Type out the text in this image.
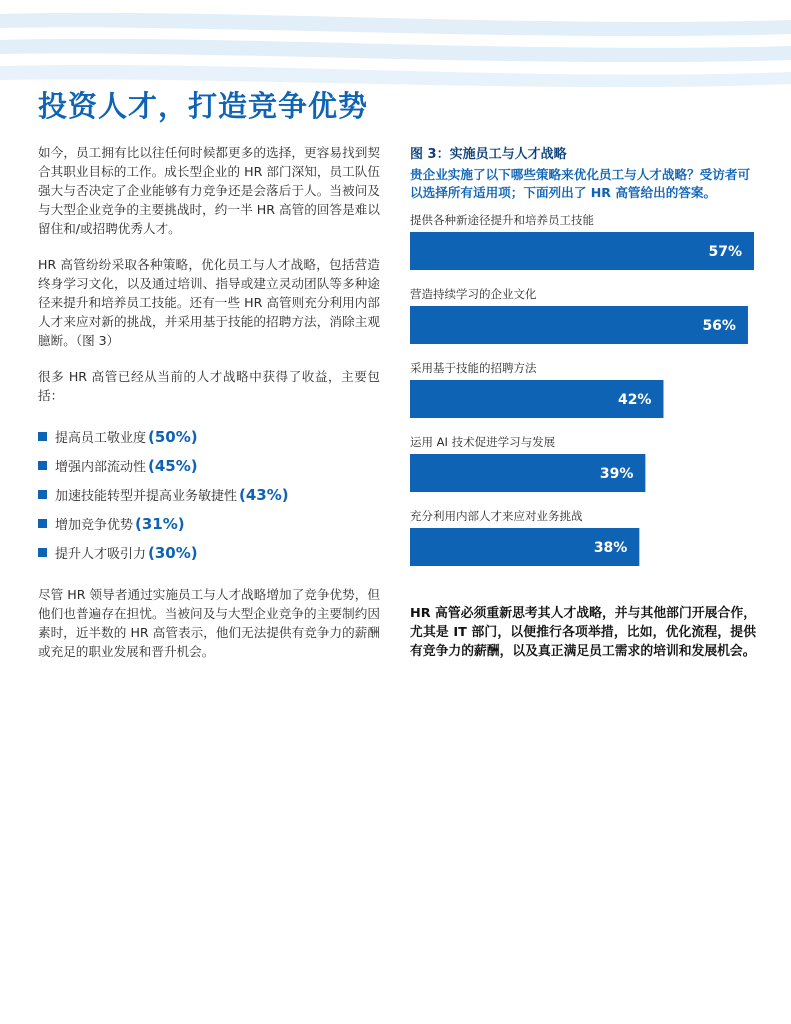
投资人才，打造竞争优势

如今，员工拥有比以往任何时候都更多的选择，更容易找到契合其职业目标的工作。成长型企业的 HR 部门深知，员工队伍强大与否决定了企业能够有力竞争还是会落后于人。当被问及与大型企业竞争的主要挑战时，约一半 HR 高管的回答是难以留住和/或招聘优秀人才。

HR 高管纷纷采取各种策略，优化员工与人才战略，包括营造终身学习文化，以及通过培训、指导或建立灵动团队等多种途径来提升和培养员工技能。还有一些 HR 高管则充分利用内部人才来应对新的挑战，并采用基于技能的招聘方法，消除主观臆断。（图 3）

很多 HR 高管已经从当前的人才战略中获得了收益，主要包括：

提高员工敬业度 (50%)
增强内部流动性 (45%)
加速技能转型并提高业务敏捷性 (43%)
增加竞争优势 (31%)
提升人才吸引力 (30%)

尽管 HR 领导者通过实施员工与人才战略增加了竞争优势，但他们也普遍存在担忧。当被问及与大型企业竞争的主要制约因素时，近半数的 HR 高管表示，他们无法提供有竞争力的薪酬或充足的职业发展和晋升机会。

图 3：实施员工与人才战略

贵企业实施了以下哪些策略来优化员工与人才战略？受访者可以选择所有适用项；下面列出了 HR 高管给出的答案。

提供各种新途径提升和培养员工技能
57%
营造持续学习的企业文化
56%
采用基于技能的招聘方法
42%
运用 AI 技术促进学习与发展
39%
充分利用内部人才来应对业务挑战
38%

HR 高管必须重新思考其人才战略，并与其他部门开展合作，尤其是 IT 部门，以便推行各项举措，比如，优化流程，提供有竞争力的薪酬，以及真正满足员工需求的培训和发展机会。
